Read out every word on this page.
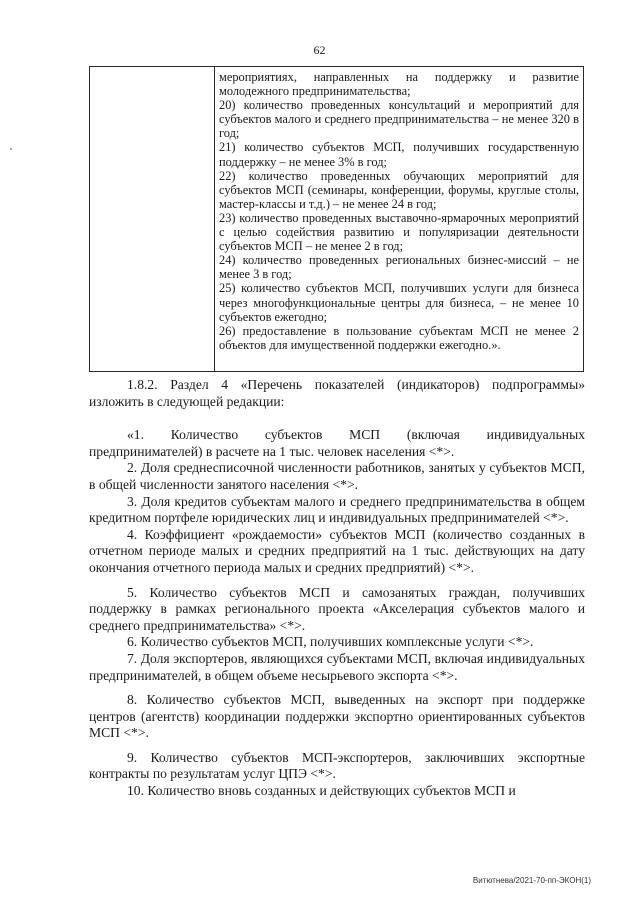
62

мероприятиях, направленных на поддержку и развитие молодежного предпринимательства;

20) количество проведенных консультаций и мероприятий для субъектов малого и среднего предпринимательства – не менее 320 в год;

21) количество субъектов МСП, получивших государственную поддержку – не менее 3% в год;

22) количество проведенных обучающих мероприятий для субъектов МСП (семинары, конференции, форумы, круглые столы, мастер-классы и т.д.) – не менее 24 в год;

23) количество проведенных выставочно-ярмарочных мероприятий с целью содействия развитию и популяризации деятельности субъектов МСП – не менее 2 в год;

24) количество проведенных региональных бизнес-миссий – не менее 3 в год;

25) количество субъектов МСП, получивших услуги для бизнеса через многофункциональные центры для бизнеса, – не менее 10 субъектов ежегодно;

26) предоставление в пользование субъектам МСП не менее 2 объектов для имущественной поддержки ежегодно.».

1.8.2. Раздел 4 «Перечень показателей (индикаторов) подпрограммы» изложить в следующей редакции:

«1. Количество субъектов МСП (включая индивидуальных предпринимателей) в расчете на 1 тыс. человек населения <*>.

2. Доля среднесписочной численности работников, занятых у субъектов МСП, в общей численности занятого населения <*>.

3. Доля кредитов субъектам малого и среднего предпринимательства в общем кредитном портфеле юридических лиц и индивидуальных предпринимателей <*>.

4. Коэффициент «рождаемости» субъектов МСП (количество созданных в отчетном периоде малых и средних предприятий на 1 тыс. действующих на дату окончания отчетного периода малых и средних предприятий) <*>.

5. Количество субъектов МСП и самозанятых граждан, получивших поддержку в рамках регионального проекта «Акселерация субъектов малого и среднего предпринимательства» <*>.

6. Количество субъектов МСП, получивших комплексные услуги <*>.

7. Доля экспортеров, являющихся субъектами МСП, включая индивидуальных предпринимателей, в общем объеме несырьевого экспорта <*>.

8. Количество субъектов МСП, выведенных на экспорт при поддержке центров (агентств) координации поддержки экспортно ориентированных субъектов МСП <*>.

9. Количество субъектов МСП-экспортеров, заключивших экспортные контракты по результатам услуг ЦПЭ <*>.

10. Количество вновь созданных и действующих субъектов МСП и

Витютнева/2021-70-пп-ЭКОН(1)
